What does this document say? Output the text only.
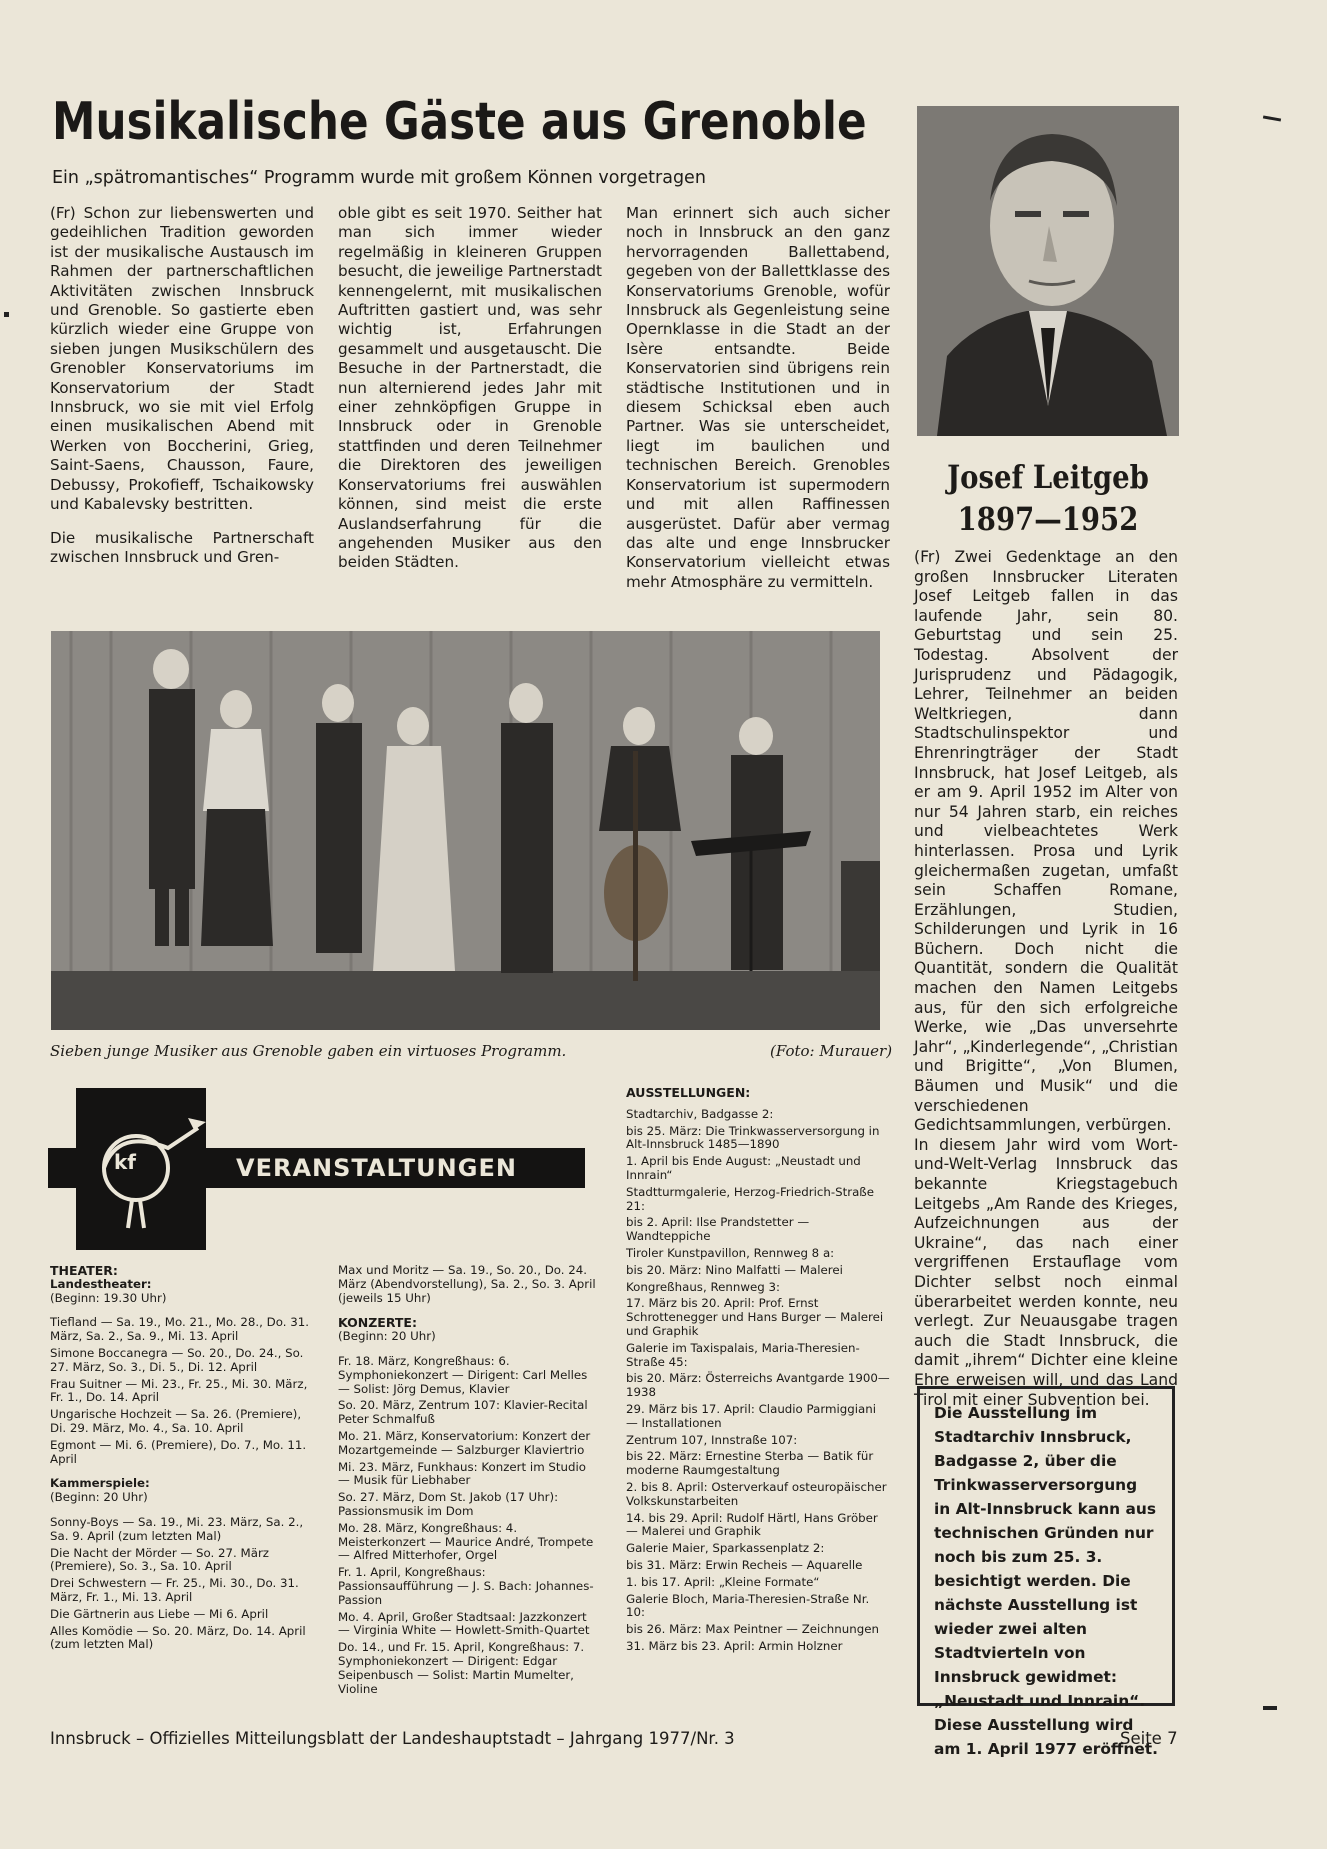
Musikalische Gäste aus Grenoble
Ein „spätromantisches“ Programm wurde mit großem Können vorgetragen

(Fr) Schon zur liebenswerten und gedeihlichen Tradition geworden ist der musikalische Austausch im Rahmen der partnerschaftlichen Aktivitäten zwischen Innsbruck und Grenoble. So gastierte eben kürzlich wieder eine Gruppe von sieben jungen Musikschülern des Grenobler Konservatoriums im Konservatorium der Stadt Innsbruck, wo sie mit viel Erfolg einen musikalischen Abend mit Werken von Boccherini, Grieg, Saint-Saens, Chausson, Faure, Debussy, Prokofieff, Tschaikowsky und Kabalevsky bestritten.

Die musikalische Partnerschaft zwischen Innsbruck und Gren-

oble gibt es seit 1970. Seither hat man sich immer wieder regelmäßig in kleineren Gruppen besucht, die jeweilige Partnerstadt kennengelernt, mit musikalischen Auftritten gastiert und, was sehr wichtig ist, Erfahrungen gesammelt und ausgetauscht. Die Besuche in der Partnerstadt, die nun alternierend jedes Jahr mit einer zehnköpfigen Gruppe in Innsbruck oder in Grenoble stattfinden und deren Teilnehmer die Direktoren des jeweiligen Konservatoriums frei auswählen können, sind meist die erste Auslandserfahrung für die angehenden Musiker aus den beiden Städten.

Man erinnert sich auch sicher noch in Innsbruck an den ganz hervorragenden Ballettabend, gegeben von der Ballettklasse des Konservatoriums Grenoble, wofür Innsbruck als Gegenleistung seine Opernklasse in die Stadt an der Isère entsandte. Beide Konservatorien sind übrigens rein städtische Institutionen und in diesem Schicksal eben auch Partner. Was sie unterscheidet, liegt im baulichen und technischen Bereich. Grenobles Konservatorium ist supermodern und mit allen Raffinessen ausgerüstet. Dafür aber vermag das alte und enge Innsbrucker Konservatorium vielleicht etwas mehr Atmosphäre zu vermitteln.

Josef Leitgeb
1897—1952

(Fr) Zwei Gedenktage an den großen Innsbrucker Literaten Josef Leitgeb fallen in das laufende Jahr, sein 80. Geburtstag und sein 25. Todestag. Absolvent der Jurisprudenz und Pädagogik, Lehrer, Teilnehmer an beiden Weltkriegen, dann Stadtschulinspektor und Ehrenringträger der Stadt Innsbruck, hat Josef Leitgeb, als er am 9. April 1952 im Alter von nur 54 Jahren starb, ein reiches und vielbeachtetes Werk hinterlassen. Prosa und Lyrik gleichermaßen zugetan, umfaßt sein Schaffen Romane, Erzählungen, Studien, Schilderungen und Lyrik in 16 Büchern. Doch nicht die Quantität, sondern die Qualität machen den Namen Leitgebs aus, für den sich erfolgreiche Werke, wie „Das unversehrte Jahr“, „Kinderlegende“, „Christian und Brigitte“, „Von Blumen, Bäumen und Musik“ und die verschiedenen Gedichtsammlungen, verbürgen.

In diesem Jahr wird vom Wort-und-Welt-Verlag Innsbruck das bekannte Kriegstagebuch Leitgebs „Am Rande des Krieges, Aufzeichnungen aus der Ukraine“, das nach einer vergriffenen Erstauflage vom Dichter selbst noch einmal überarbeitet werden konnte, neu verlegt. Zur Neuausgabe tragen auch die Stadt Innsbruck, die damit „ihrem“ Dichter eine kleine Ehre erweisen will, und das Land Tirol mit einer Subvention bei.

Sieben junge Musiker aus Grenoble gaben ein virtuoses Programm.	(Foto: Murauer)
kf	VERANSTALTUNGEN
THEATER:
Landestheater:
(Beginn: 19.30 Uhr)
Tiefland — Sa. 19., Mo. 21., Mo. 28., Do. 31. März, Sa. 2., Sa. 9., Mi. 13. April
Simone Boccanegra — So. 20., Do. 24., So. 27. März, So. 3., Di. 5., Di. 12. April
Frau Suitner — Mi. 23., Fr. 25., Mi. 30. März, Fr. 1., Do. 14. April
Ungarische Hochzeit — Sa. 26. (Premiere), Di. 29. März, Mo. 4., Sa. 10. April
Egmont — Mi. 6. (Premiere), Do. 7., Mo. 11. April
Kammerspiele:
(Beginn: 20 Uhr)
Sonny-Boys — Sa. 19., Mi. 23. März, Sa. 2., Sa. 9. April (zum letzten Mal)
Die Nacht der Mörder — So. 27. März (Premiere), So. 3., Sa. 10. April
Drei Schwestern — Fr. 25., Mi. 30., Do. 31. März, Fr. 1., Mi. 13. April
Die Gärtnerin aus Liebe — Mi 6. April
Alles Komödie — So. 20. März, Do. 14. April (zum letzten Mal)
Max und Moritz — Sa. 19., So. 20., Do. 24. März (Abendvorstellung), Sa. 2., So. 3. April (jeweils 15 Uhr)
KONZERTE:
(Beginn: 20 Uhr)
Fr. 18. März, Kongreßhaus: 6. Symphoniekonzert — Dirigent: Carl Melles — Solist: Jörg Demus, Klavier
So. 20. März, Zentrum 107: Klavier-Recital Peter Schmalfuß
Mo. 21. März, Konservatorium: Konzert der Mozartgemeinde — Salzburger Klaviertrio
Mi. 23. März, Funkhaus: Konzert im Studio — Musik für Liebhaber
So. 27. März, Dom St. Jakob (17 Uhr): Passionsmusik im Dom
Mo. 28. März, Kongreßhaus: 4. Meisterkonzert — Maurice André, Trompete — Alfred Mitterhofer, Orgel
Fr. 1. April, Kongreßhaus: Passionsaufführung — J. S. Bach: Johannes-Passion
Mo. 4. April, Großer Stadtsaal: Jazzkonzert — Virginia White — Howlett-Smith-Quartet
Do. 14., und Fr. 15. April, Kongreßhaus: 7. Symphoniekonzert — Dirigent: Edgar Seipenbusch — Solist: Martin Mumelter, Violine
AUSSTELLUNGEN:
Stadtarchiv, Badgasse 2:
bis 25. März: Die Trinkwasserversorgung in Alt-Innsbruck 1485—1890
1. April bis Ende August: „Neustadt und Innrain“
Stadtturmgalerie, Herzog-Friedrich-Straße 21:
bis 2. April: Ilse Prandstetter — Wandteppiche
Tiroler Kunstpavillon, Rennweg 8 a:
bis 20. März: Nino Malfatti — Malerei
Kongreßhaus, Rennweg 3:
17. März bis 20. April: Prof. Ernst Schrottenegger und Hans Burger — Malerei und Graphik
Galerie im Taxispalais, Maria-Theresien-Straße 45:
bis 20. März: Österreichs Avantgarde 1900—1938
29. März bis 17. April: Claudio Parmiggiani — Installationen
Zentrum 107, Innstraße 107:
bis 22. März: Ernestine Sterba — Batik für moderne Raumgestaltung
2. bis 8. April: Osterverkauf osteuropäischer Volkskunstarbeiten
14. bis 29. April: Rudolf Härtl, Hans Gröber — Malerei und Graphik
Galerie Maier, Sparkassenplatz 2:
bis 31. März: Erwin Recheis — Aquarelle
1. bis 17. April: „Kleine Formate“
Galerie Bloch, Maria-Theresien-Straße Nr. 10:
bis 26. März: Max Peintner — Zeichnungen
31. März bis 23. April: Armin Holzner
Die Ausstellung im Stadtarchiv Innsbruck, Badgasse 2, über die Trinkwasserversorgung in Alt-Innsbruck kann aus technischen Gründen nur noch bis zum 25. 3. besichtigt werden. Die nächste Ausstellung ist wieder zwei alten Stadtvierteln von Innsbruck gewidmet: „Neustadt und Innrain“. Diese Ausstellung wird am 1. April 1977 eröffnet.
Innsbruck – Offizielles Mitteilungsblatt der Landeshauptstadt – Jahrgang 1977/Nr. 3	Seite 7
